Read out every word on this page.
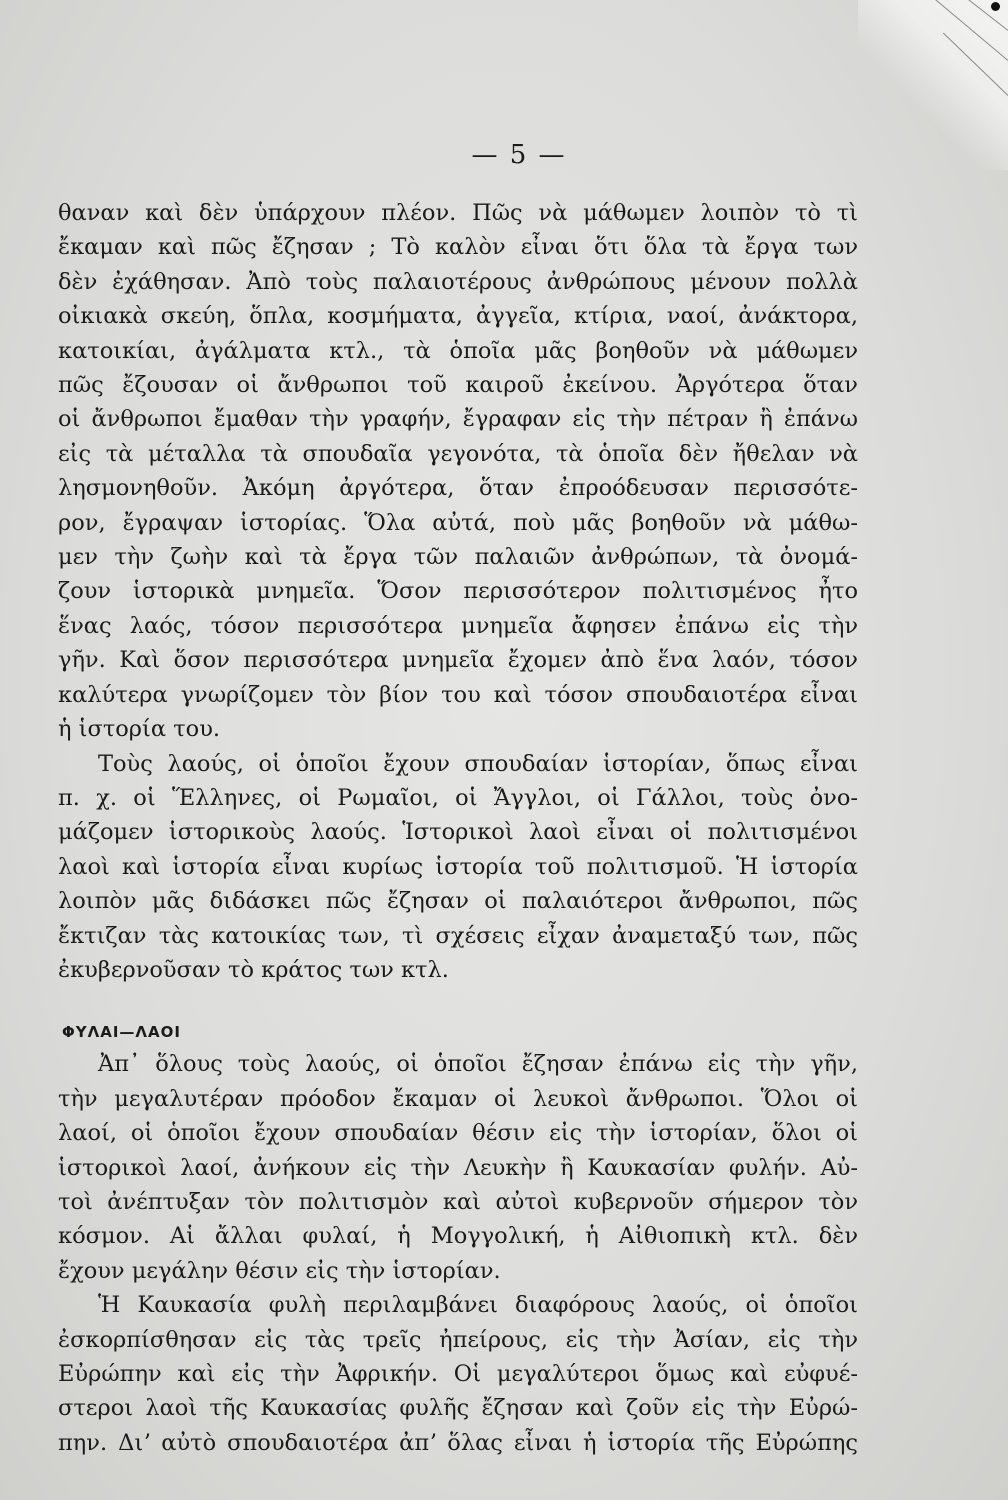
— 5 —
θαναν καὶ δὲν ὑπάρχουν πλέον. Πῶς νὰ μάθωμεν λοιπὸν τὸ τὶ
ἔκαμαν καὶ πῶς ἔζησαν ; Τὸ καλὸν εἶναι ὅτι ὅλα τὰ ἔργα των
δὲν ἐχάθησαν. Ἀπὸ τοὺς παλαιοτέρους ἀνθρώπους μένουν πολλὰ
οἰκιακὰ σκεύη, ὅπλα, κοσμήματα, ἀγγεῖα, κτίρια, ναοί, ἀνάκτορα,
κατοικίαι, ἀγάλματα κτλ., τὰ ὁποῖα μᾶς βοηθοῦν νὰ μάθωμεν
πῶς ἔζουσαν οἱ ἄνθρωποι τοῦ καιροῦ ἐκείνου. Ἀργότερα ὅταν
οἱ ἄνθρωποι ἔμαθαν τὴν γραφήν, ἔγραφαν εἰς τὴν πέτραν ἢ ἐπάνω
εἰς τὰ μέταλλα τὰ σπουδαῖα γεγονότα, τὰ ὁποῖα δὲν ἤθελαν νὰ
λησμονηθοῦν. Ἀκόμη ἀργότερα, ὅταν ἐπροόδευσαν περισσότε-
ρον, ἔγραψαν ἱστορίας. Ὅλα αὐτά, ποὺ μᾶς βοηθοῦν νὰ μάθω-
μεν τὴν ζωὴν καὶ τὰ ἔργα τῶν παλαιῶν ἀνθρώπων, τὰ ὀνομά-
ζουν ἱστορικὰ μνημεῖα. Ὅσον περισσότερον πολιτισμένος ἦτο
ἕνας λαός, τόσον περισσότερα μνημεῖα ἄφησεν ἐπάνω εἰς τὴν
γῆν. Καὶ ὅσον περισσότερα μνημεῖα ἔχομεν ἀπὸ ἕνα λαόν, τόσον
καλύτερα γνωρίζομεν τὸν βίον του καὶ τόσον σπουδαιοτέρα εἶναι
ἡ ἱστορία του.
Τοὺς λαούς, οἱ ὁποῖοι ἔχουν σπουδαίαν ἱστορίαν, ὅπως εἶναι
π. χ. οἱ Ἕλληνες, οἱ Ρωμαῖοι, οἱ Ἄγγλοι, οἱ Γάλλοι, τοὺς ὀνο-
μάζομεν ἱστορικοὺς λαούς. Ἱστορικοὶ λαοὶ εἶναι οἱ πολιτισμένοι
λαοὶ καὶ ἱστορία εἶναι κυρίως ἱστορία τοῦ πολιτισμοῦ. Ἡ ἱστορία
λοιπὸν μᾶς διδάσκει πῶς ἔζησαν οἱ παλαιότεροι ἄνθρωποι, πῶς
ἔκτιζαν τὰς κατοικίας των, τὶ σχέσεις εἶχαν ἀναμεταξύ των, πῶς
ἐκυβερνοῦσαν τὸ κράτος των κτλ.
ΦΥΛΑΙ—ΛΑΟΙ
Ἀπ᾽ ὅλους τοὺς λαούς, οἱ ὁποῖοι ἔζησαν ἐπάνω εἰς τὴν γῆν,
τὴν μεγαλυτέραν πρόοδον ἔκαμαν οἱ λευκοὶ ἄνθρωποι. Ὅλοι οἱ
λαοί, οἱ ὁποῖοι ἔχουν σπουδαίαν θέσιν εἰς τὴν ἱστορίαν, ὅλοι οἱ
ἱστορικοὶ λαοί, ἀνήκουν εἰς τὴν Λευκὴν ἢ Καυκασίαν φυλήν. Αὐ-
τοὶ ἀνέπτυξαν τὸν πολιτισμὸν καὶ αὐτοὶ κυβερνοῦν σήμερον τὸν
κόσμον. Αἱ ἄλλαι φυλαί, ἡ Μογγολική, ἡ Αἰθιοπικὴ κτλ. δὲν
ἔχουν μεγάλην θέσιν εἰς τὴν ἱστορίαν.
Ἡ Καυκασία φυλὴ περιλαμβάνει διαφόρους λαούς, οἱ ὁποῖοι
ἐσκορπίσθησαν εἰς τὰς τρεῖς ἠπείρους, εἰς τὴν Ἀσίαν, εἰς τὴν
Εὐρώπην καὶ εἰς τὴν Ἀφρικήν. Οἱ μεγαλύτεροι ὅμως καὶ εὐφυέ-
στεροι λαοὶ τῆς Καυκασίας φυλῆς ἔζησαν καὶ ζοῦν εἰς τὴν Εὐρώ-
πην. Διʼ αὐτὸ σπουδαιοτέρα ἀπʼ ὅλας εἶναι ἡ ἱστορία τῆς Εὐρώπης
